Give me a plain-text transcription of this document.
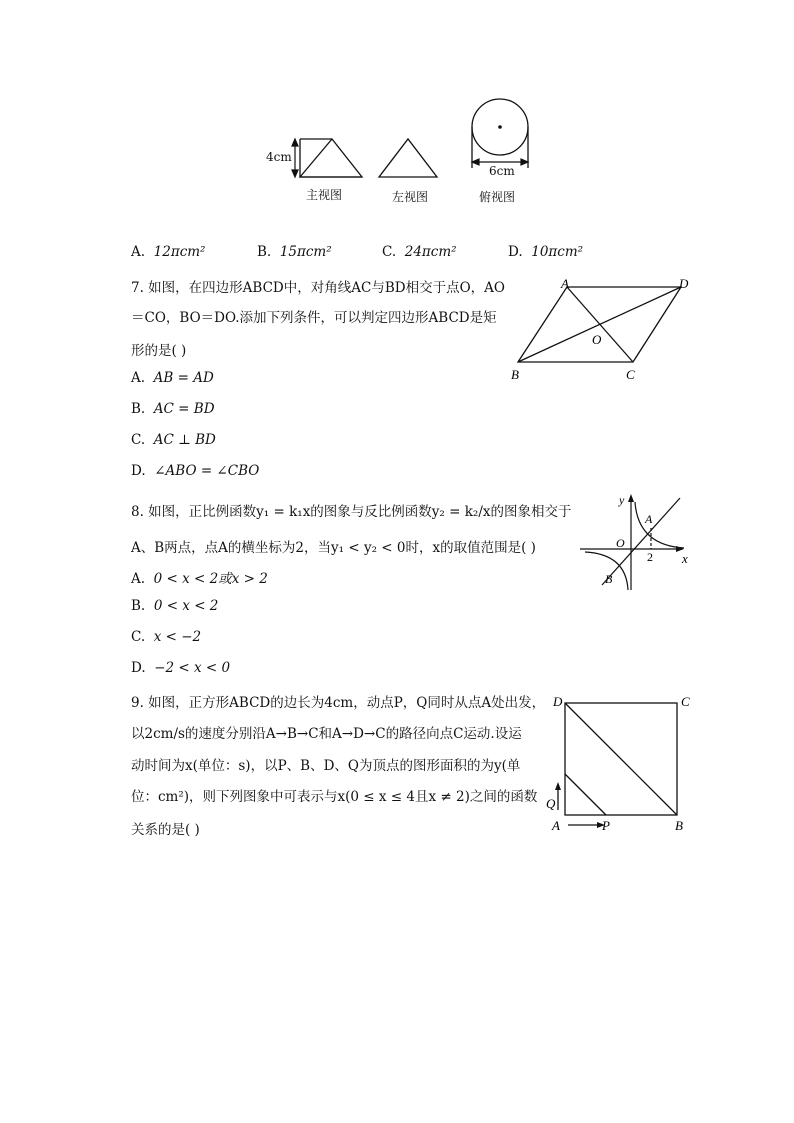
4cm
6cm
主视图	左视图	俯视图
A. 12πcm²	B. 15πcm²	C. 24πcm²	D. 10πcm²
7. 如图，在四边形ABCD中，对角线AC与BD相交于点O，AO
＝CO，BO＝DO.添加下列条件，可以判定四边形ABCD是矩
形的是( )
A. AB = AD
B. AC = BD
C. AC ⊥ BD
D. ∠ABO = ∠CBO
A	D
B	C
O
8. 如图，正比例函数y₁ = k₁x的图象与反比例函数y₂ = k₂/x的图象相交于
A、B两点，点A的横坐标为2，当y₁ < y₂ < 0时，x的取值范围是( )
A. 0 < x < 2或x > 2
B. 0 < x < 2
C. x < −2
D. −2 < x < 0
y
x
O
A
B
2
9. 如图，正方形ABCD的边长为4cm，动点P，Q同时从点A处出发，
以2cm/s的速度分别沿A→B→C和A→D→C的路径向点C运动.设运
动时间为x(单位：s)，以P、B、D、Q为顶点的图形面积的为y(单
位：cm²)，则下列图象中可表示与x(0 ≤ x ≤ 4且x ≠ 2)之间的函数
关系的是( )
D	C
A	B
P
Q
